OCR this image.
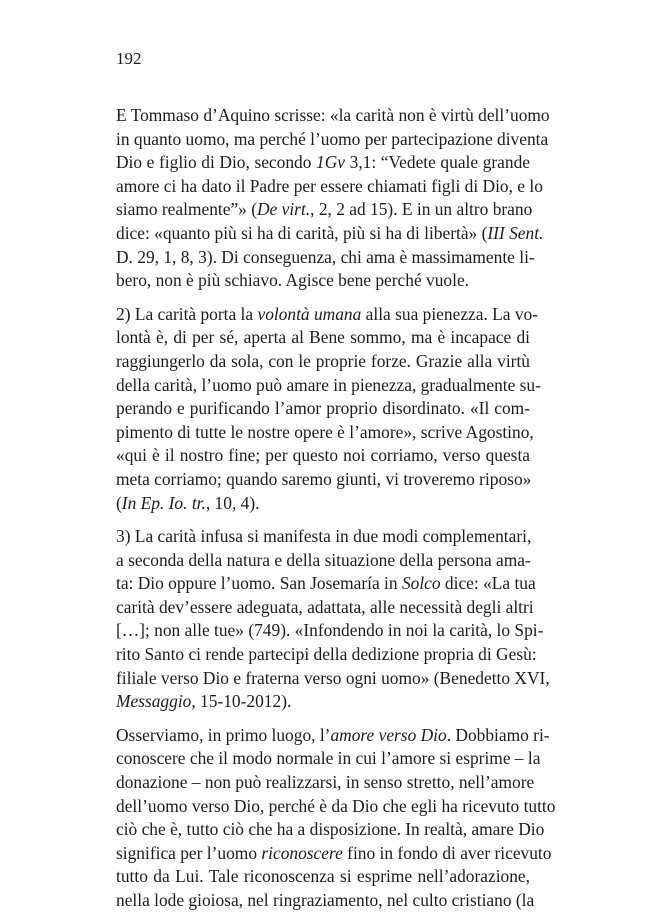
192

E Tommaso d’Aquino scrisse: «la carità non è virtù dell’uomo
in quanto uomo, ma perché l’uomo per partecipazione diventa
Dio e figlio di Dio, secondo 1Gv 3,1: “Vedete quale grande
amore ci ha dato il Padre per essere chiamati figli di Dio, e lo
siamo realmente”» (De virt., 2, 2 ad 15). E in un altro brano
dice: «quanto più si ha di carità, più si ha di libertà» (III Sent.
D. 29, 1, 8, 3). Di conseguenza, chi ama è massimamente li-
bero, non è più schiavo. Agisce bene perché vuole.

2) La carità porta la volontà umana alla sua pienezza. La vo-
lontà è, di per sé, aperta al Bene sommo, ma è incapace di
raggiungerlo da sola, con le proprie forze. Grazie alla virtù
della carità, l’uomo può amare in pienezza, gradualmente su-
perando e purificando l’amor proprio disordinato. «Il com-
pimento di tutte le nostre opere è l’amore», scrive Agostino,
«qui è il nostro fine; per questo noi corriamo, verso questa
meta corriamo; quando saremo giunti, vi troveremo riposo»
(In Ep. Io. tr., 10, 4).

3) La carità infusa si manifesta in due modi complementari,
a seconda della natura e della situazione della persona ama-
ta: Dio oppure l’uomo. San Josemaría in Solco dice: «La tua
carità dev’essere adeguata, adattata, alle necessità degli altri
[…]; non alle tue» (749). «Infondendo in noi la carità, lo Spi-
rito Santo ci rende partecipi della dedizione propria di Gesù:
filiale verso Dio e fraterna verso ogni uomo» (Benedetto XVI,
Messaggio, 15-10-2012).

Osserviamo, in primo luogo, l’amore verso Dio. Dobbiamo ri-
conoscere che il modo normale in cui l’amore si esprime – la
donazione – non può realizzarsi, in senso stretto, nell’amore
dell’uomo verso Dio, perché è da Dio che egli ha ricevuto tutto
ciò che è, tutto ciò che ha a disposizione. In realtà, amare Dio
significa per l’uomo riconoscere fino in fondo di aver ricevuto
tutto da Lui. Tale riconoscenza si esprime nell’adorazione,
nella lode gioiosa, nel ringraziamento, nel culto cristiano (la
